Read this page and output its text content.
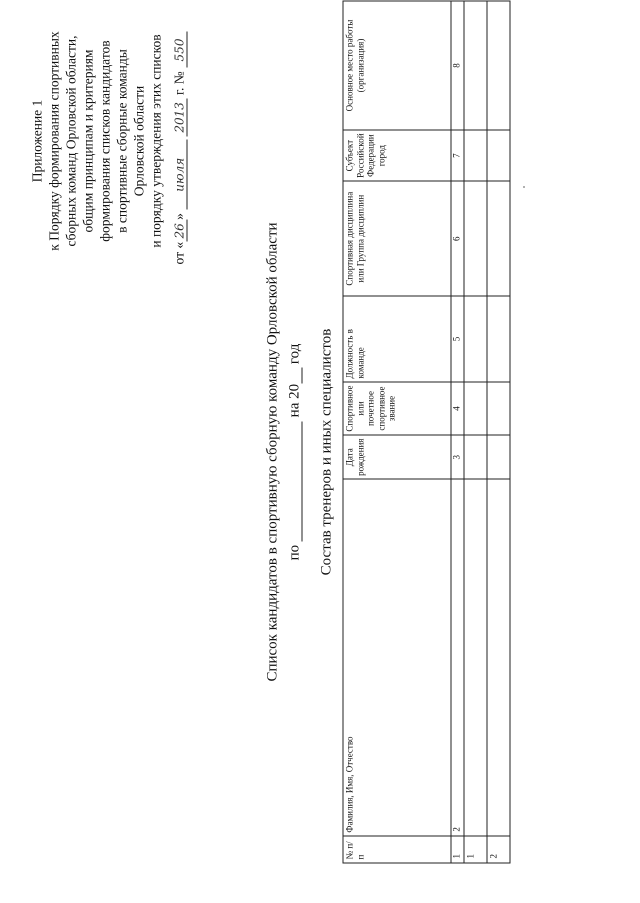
Приложение 1 к Порядку формирования спортивных сборных команд Орловской области, общим принципам и критериям формирования списков кандидатов в спортивные сборные команды Орловской области и порядку утверждения этих списков
от «26» июля 2013 г. № 550
Список кандидатов в спортивную сборную команду Орловской области по   на 20  год Состав тренеров и иных специалистов
№ п/п	Фамилия, Имя, Отчество	Дата рождения	Спортивное или почетное спортивное звание	Должность в команде	Спортивная дисциплина или Группа дисциплин	Субъект Российской Федерации город	Основное место работы (организация)
1	2	3	4	5	6	7	8
1							
2							
